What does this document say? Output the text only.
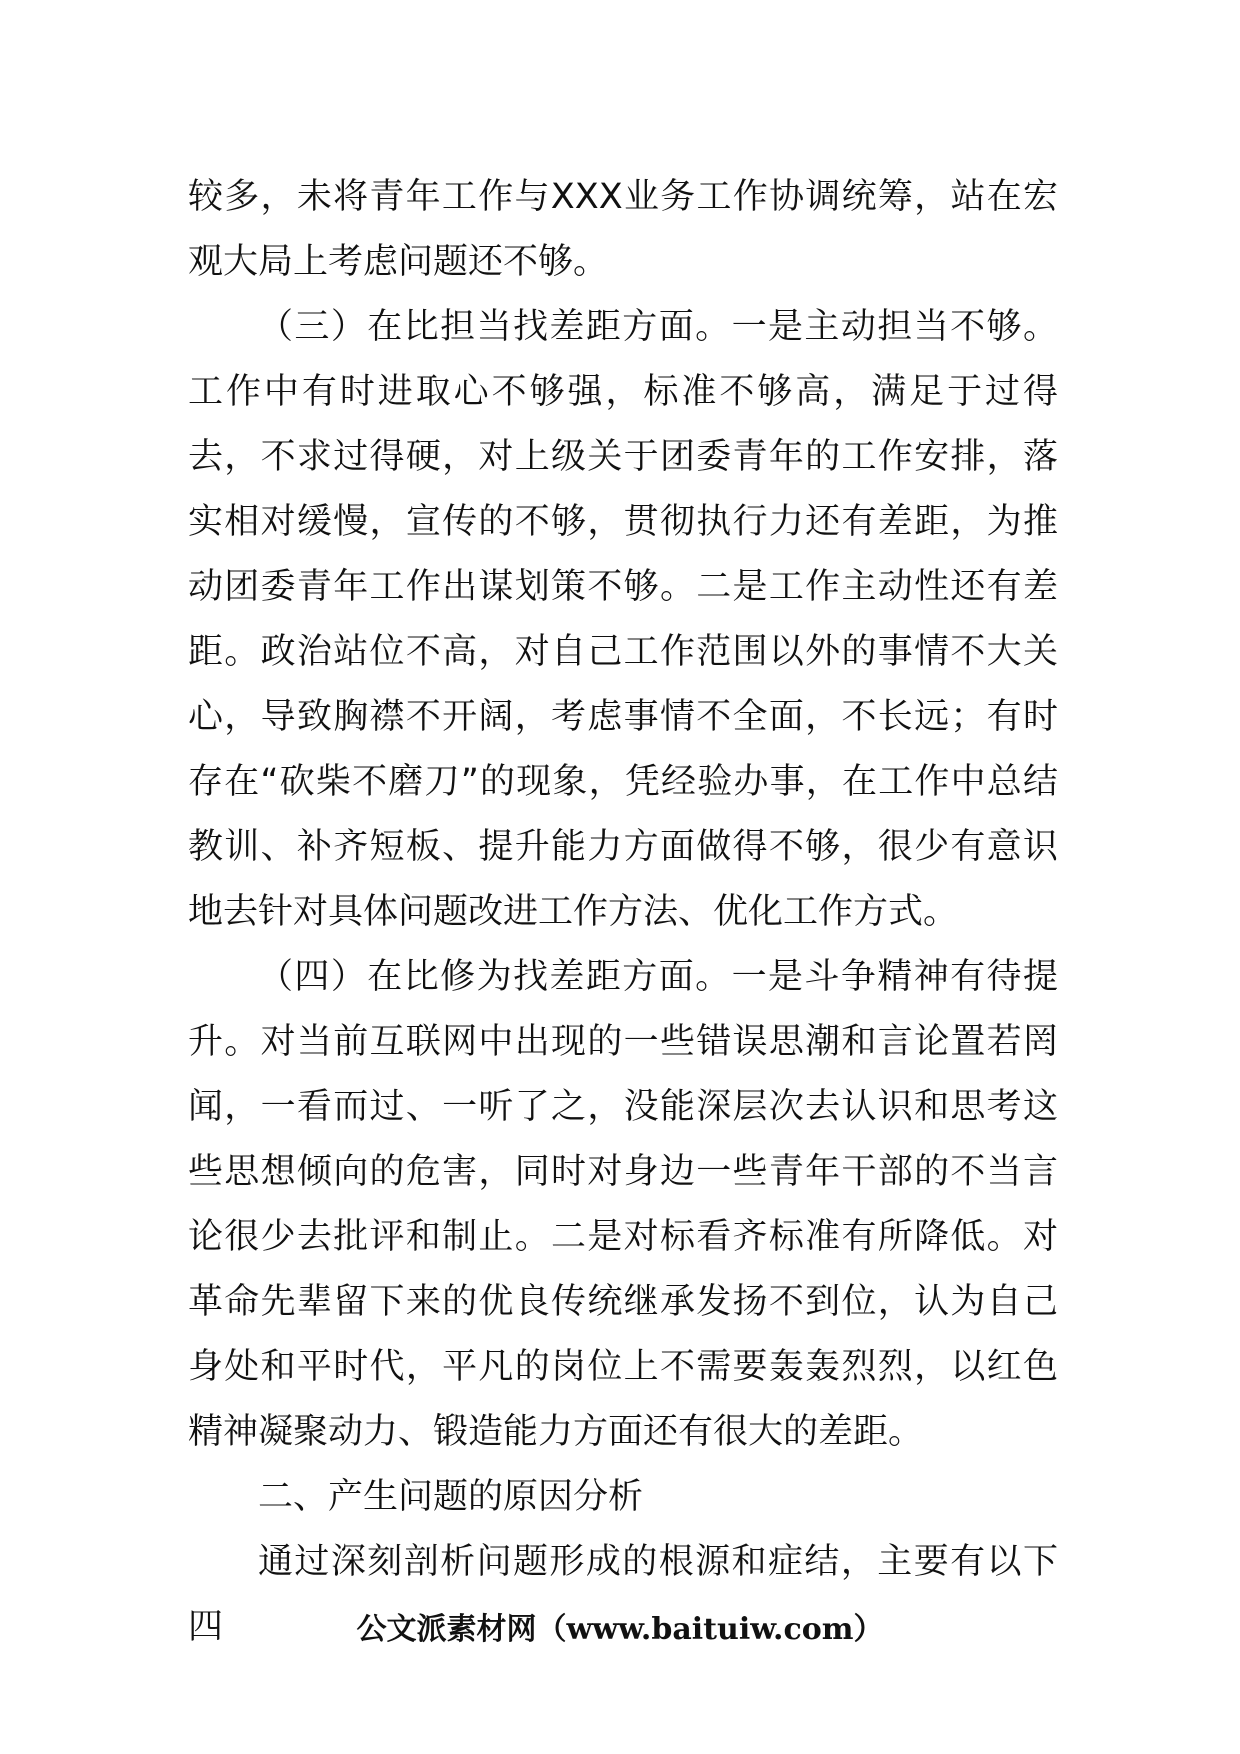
较多，未将青年工作与XXX业务工作协调统筹，站在宏观大局上考虑问题还不够。

（三）在比担当找差距方面。一是主动担当不够。工作中有时进取心不够强，标准不够高，满足于过得去，不求过得硬，对上级关于团委青年的工作安排，落实相对缓慢，宣传的不够，贯彻执行力还有差距，为推动团委青年工作出谋划策不够。二是工作主动性还有差距。政治站位不高，对自己工作范围以外的事情不大关心，导致胸襟不开阔，考虑事情不全面，不长远；有时存在“砍柴不磨刀”的现象，凭经验办事，在工作中总结教训、补齐短板、提升能力方面做得不够，很少有意识地去针对具体问题改进工作方法、优化工作方式。

（四）在比修为找差距方面。一是斗争精神有待提升。对当前互联网中出现的一些错误思潮和言论置若罔闻，一看而过、一听了之，没能深层次去认识和思考这些思想倾向的危害，同时对身边一些青年干部的不当言论很少去批评和制止。二是对标看齐标准有所降低。对革命先辈留下来的优良传统继承发扬不到位，认为自己身处和平时代，平凡的岗位上不需要轰轰烈烈，以红色精神凝聚动力、锻造能力方面还有很大的差距。

二、产生问题的原因分析

通过深刻剖析问题形成的根源和症结，主要有以下四	公文派素材网（www.baituiw.com）
